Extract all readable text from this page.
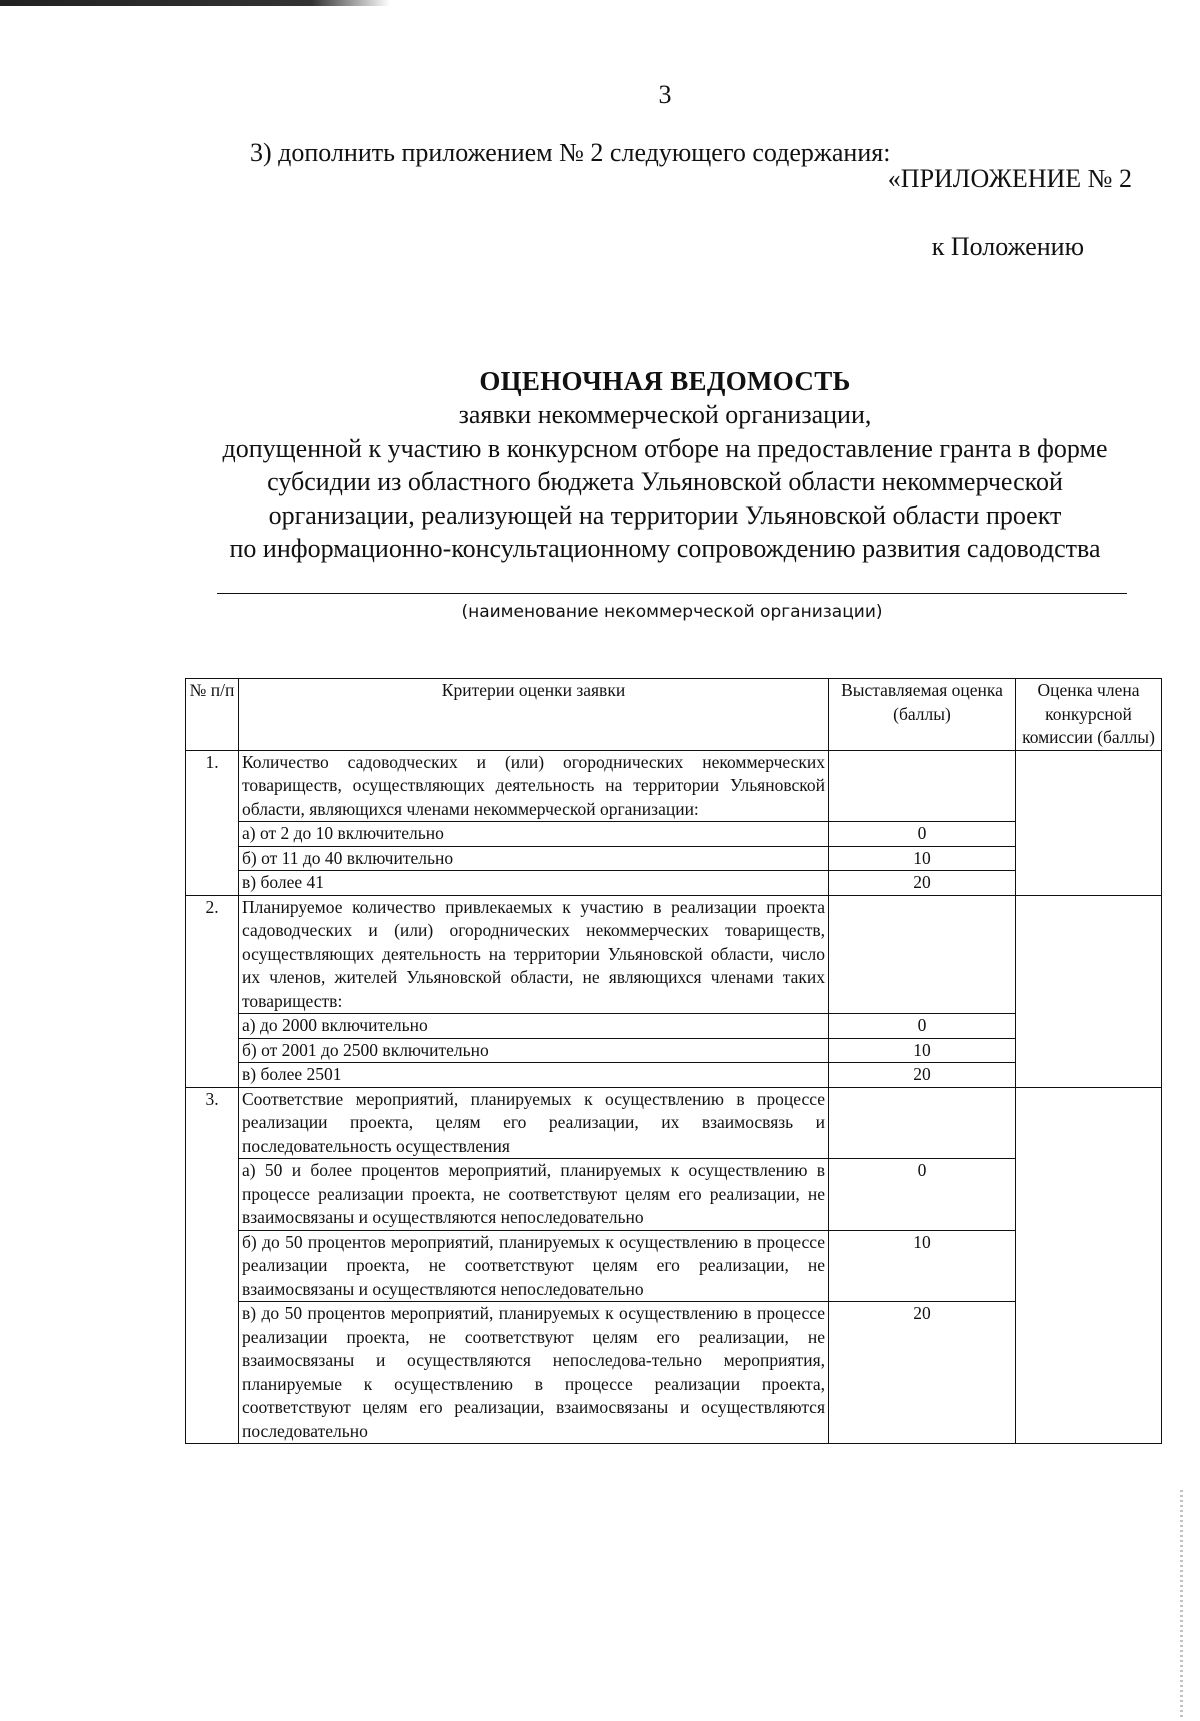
3
3) дополнить приложением № 2 следующего содержания:
«ПРИЛОЖЕНИЕ № 2
к Положению
ОЦЕНОЧНАЯ ВЕДОМОСТЬ
заявки некоммерческой организации,
допущенной к участию в конкурсном отборе на предоставление гранта в форме
субсидии из областного бюджета Ульяновской области некоммерческой
организации, реализующей на территории Ульяновской области проект
по информационно-консультационному сопровождению развития садоводства
(наименование некоммерческой организации)
№ п/п	Критерии оценки заявки	Выставляемая оценка (баллы)	Оценка члена конкурсной комиссии (баллы)
1.	Количество садоводческих и (или) огороднических некоммерческих товариществ, осуществляющих деятельность на территории Ульяновской области, являющихся членами некоммерческой организации:		
	а) от 2 до 10 включительно	0	
	б) от 11 до 40 включительно	10	
	в) более 41	20	
2.	Планируемое количество привлекаемых к участию в реализации проекта садоводческих и (или) огороднических некоммерческих товариществ, осуществляющих деятельность на территории Ульяновской области, число их членов, жителей Ульяновской области, не являющихся членами таких товариществ:		
	а) до 2000 включительно	0	
	б) от 2001 до 2500 включительно	10	
	в) более 2501	20	
3.	Соответствие мероприятий, планируемых к осуществлению в процессе реализации проекта, целям его реализации, их взаимосвязь и последовательность осуществления		
	а) 50 и более процентов мероприятий, планируемых к осуществлению в процессе реализации проекта, не соответствуют целям его реализации, не взаимосвязаны и осуществляются непоследовательно	0	
	б) до 50 процентов мероприятий, планируемых к осуществлению в процессе реализации проекта, не соответствуют целям его реализации, не взаимосвязаны и осуществляются непоследовательно	10	
	в) до 50 процентов мероприятий, планируемых к осуществлению в процессе реализации проекта, не соответствуют целям его реализации, не взаимосвязаны и осуществляются непоследова-тельно мероприятия, планируемые к осуществлению в процессе реализации проекта, соответствуют целям его реализации, взаимосвязаны и осуществляются последовательно	20	
